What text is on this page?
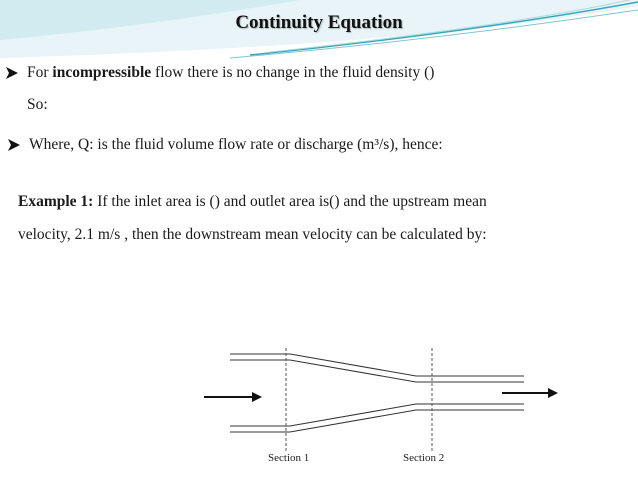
Continuity Equation
For incompressible flow there is no change in the fluid density ()
So:
Where, Q: is the fluid volume flow rate or discharge (m³/s), hence:
Example 1: If the inlet area is () and outlet area is() and the upstream mean
velocity, 2.1 m/s , then the downstream mean velocity can be calculated by:
Section 1	Section 2
